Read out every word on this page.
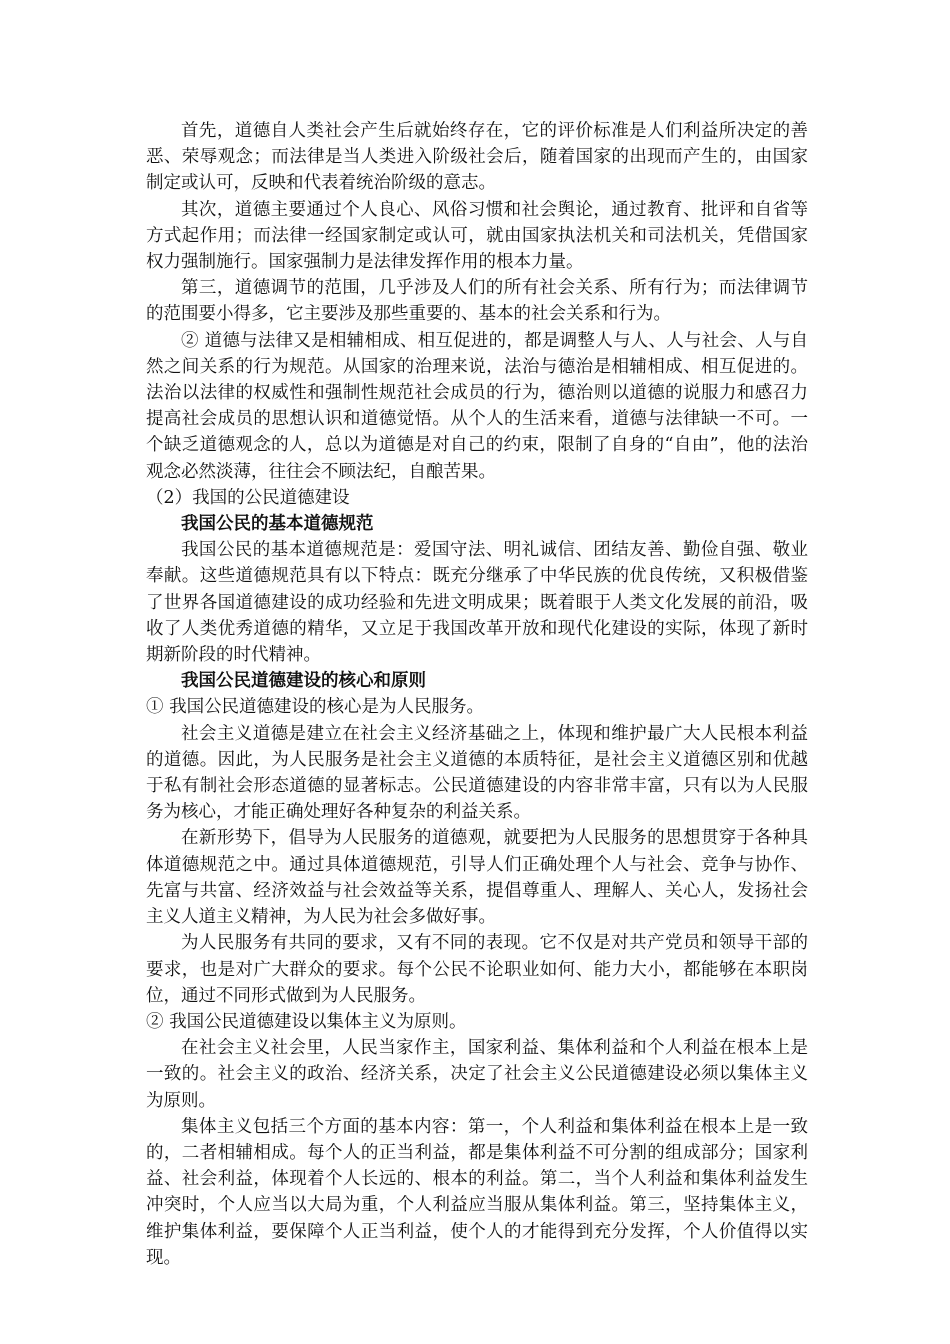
首先，道德自人类社会产生后就始终存在，它的评价标准是人们利益所决定的善恶、荣辱观念；而法律是当人类进入阶级社会后，随着国家的出现而产生的，由国家制定或认可，反映和代表着统治阶级的意志。

其次，道德主要通过个人良心、风俗习惯和社会舆论，通过教育、批评和自省等方式起作用；而法律一经国家制定或认可，就由国家执法机关和司法机关，凭借国家权力强制施行。国家强制力是法律发挥作用的根本力量。

第三，道德调节的范围，几乎涉及人们的所有社会关系、所有行为；而法律调节的范围要小得多，它主要涉及那些重要的、基本的社会关系和行为。

② 道德与法律又是相辅相成、相互促进的，都是调整人与人、人与社会、人与自然之间关系的行为规范。从国家的治理来说，法治与德治是相辅相成、相互促进的。法治以法律的权威性和强制性规范社会成员的行为，德治则以道德的说服力和感召力提高社会成员的思想认识和道德觉悟。从个人的生活来看，道德与法律缺一不可。一个缺乏道德观念的人，总以为道德是对自己的约束，限制了自身的“自由”，他的法治观念必然淡薄，往往会不顾法纪，自酿苦果。

（2）我国的公民道德建设

我国公民的基本道德规范

我国公民的基本道德规范是：爱国守法、明礼诚信、团结友善、勤俭自强、敬业奉献。这些道德规范具有以下特点：既充分继承了中华民族的优良传统，又积极借鉴了世界各国道德建设的成功经验和先进文明成果；既着眼于人类文化发展的前沿，吸收了人类优秀道德的精华，又立足于我国改革开放和现代化建设的实际，体现了新时期新阶段的时代精神。

我国公民道德建设的核心和原则

① 我国公民道德建设的核心是为人民服务。

社会主义道德是建立在社会主义经济基础之上，体现和维护最广大人民根本利益的道德。因此，为人民服务是社会主义道德的本质特征，是社会主义道德区别和优越于私有制社会形态道德的显著标志。公民道德建设的内容非常丰富，只有以为人民服务为核心，才能正确处理好各种复杂的利益关系。

在新形势下，倡导为人民服务的道德观，就要把为人民服务的思想贯穿于各种具体道德规范之中。通过具体道德规范，引导人们正确处理个人与社会、竞争与协作、先富与共富、经济效益与社会效益等关系，提倡尊重人、理解人、关心人，发扬社会主义人道主义精神，为人民为社会多做好事。

为人民服务有共同的要求，又有不同的表现。它不仅是对共产党员和领导干部的要求，也是对广大群众的要求。每个公民不论职业如何、能力大小，都能够在本职岗位，通过不同形式做到为人民服务。

② 我国公民道德建设以集体主义为原则。

在社会主义社会里，人民当家作主，国家利益、集体利益和个人利益在根本上是一致的。社会主义的政治、经济关系，决定了社会主义公民道德建设必须以集体主义为原则。

集体主义包括三个方面的基本内容：第一，个人利益和集体利益在根本上是一致的，二者相辅相成。每个人的正当利益，都是集体利益不可分割的组成部分；国家利益、社会利益，体现着个人长远的、根本的利益。第二，当个人利益和集体利益发生冲突时，个人应当以大局为重，个人利益应当服从集体利益。第三，坚持集体主义，维护集体利益，要保障个人正当利益，使个人的才能得到充分发挥，个人价值得以实现。
